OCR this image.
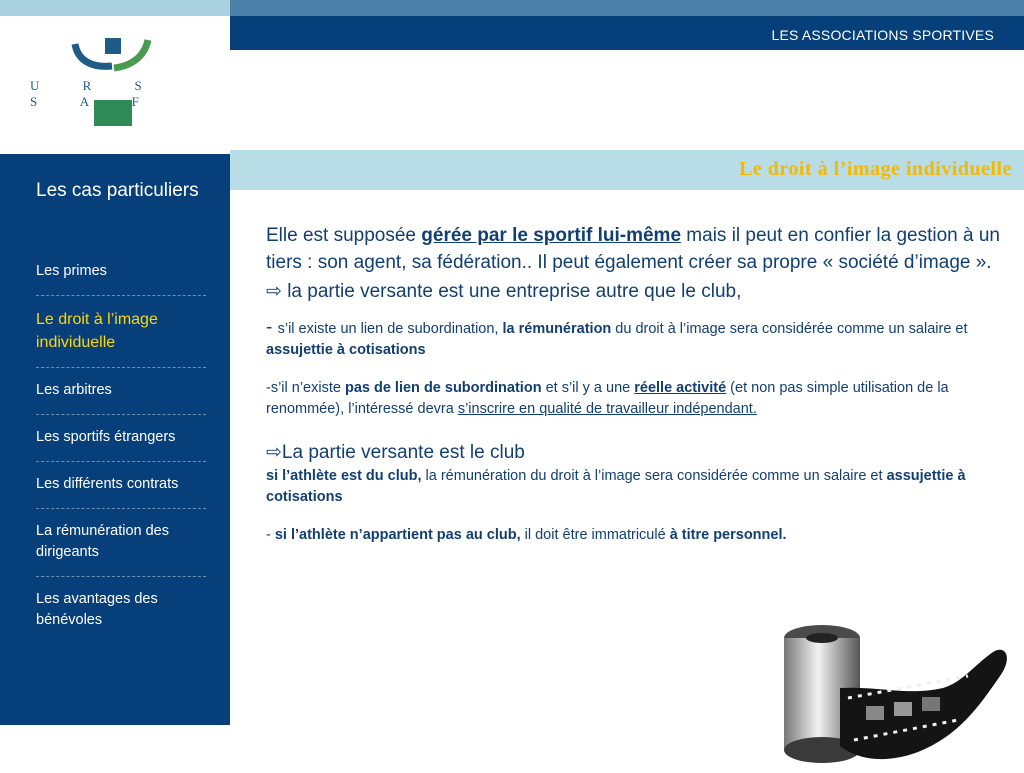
LES ASSOCIATIONS SPORTIVES
U R S S A F
Les cas particuliers
Les primes
Le droit à l’image individuelle
Les arbitres
Les sportifs étrangers
Les différents contrats
La rémunération des dirigeants
Les avantages des bénévoles
Le droit à l’image individuelle

Elle est supposée gérée par le sportif lui-même mais il peut en confier la gestion à un tiers : son agent, sa fédération.. Il peut également créer sa propre « société d’image ».

⇨ la partie versante est une entreprise autre que le club,

- s’il existe un lien de subordination, la rémunération du droit à l’image sera considérée comme un salaire et assujettie à cotisations

-s’il n’existe pas de lien de subordination et s’il y a une réelle activité (et non pas simple utilisation de la renommée), l’intéressé devra s’inscrire en qualité de travailleur indépendant.

⇨La partie versante est le club

si l’athlète est du club, la rémunération du droit à l’image sera considérée comme un salaire et assujettie à cotisations

- si l’athlète n’appartient pas au club, il doit être immatriculé à titre personnel.
